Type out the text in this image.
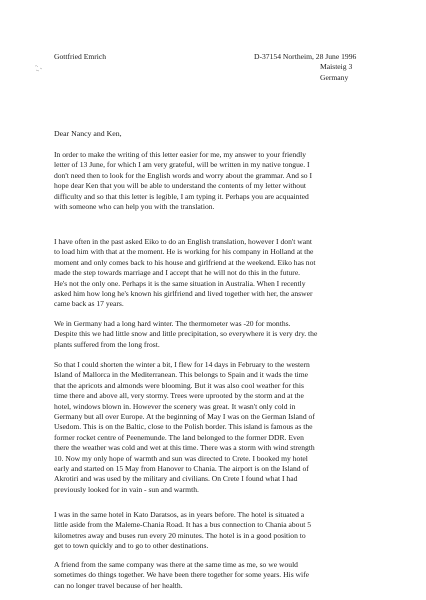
Gottfried Emrich	D-37154 Northeim, 28 June 1996
Maisteig 3
Germany
Dear Nancy and Ken,
In order to make the writing of this letter easier for me, my answer to your friendly
letter of 13 June, for which I am very grateful, will be written in my native tongue. I
don't need then to look for the English words and worry about the grammar. And so I
hope dear Ken that you will be able to understand the contents of my letter without
difficulty and so that this letter is legible, I am typing it. Perhaps you are acquainted
with someone who can help you with the translation.
I have often in the past asked Eiko to do an English translation, however I don't want
to load him with that at the moment. He is working for his company in Holland at the
moment and only comes back to his house and girlfriend at the weekend. Eiko has not
made the step towards marriage and I accept that he will not do this in the future.
He's not the only one. Perhaps it is the same situation in Australia. When I recently
asked him how long he's known his girlfriend and lived together with her, the answer
came back as 17 years.
We in Germany had a long hard winter. The thermometer was -20 for months.
Despite this we had little snow and little precipitation, so everywhere it is very dry. the
plants suffered from the long frost.
So that I could shorten the winter a bit, I flew for 14 days in February to the western
Island of Mallorca in the Mediterranean. This belongs to Spain and it wads the time
that the apricots and almonds were blooming. But it was also cool weather for this
time there and above all, very stormy. Trees were uprooted by the storm and at the
hotel, windows blown in. However the scenery was great. It wasn't only cold in
Germany but all over Europe. At the beginning of May I was on the German Island of
Usedom. This is on the Baltic, close to the Polish border. This island is famous as the
former rocket centre of Peenemunde. The land belonged to the former DDR. Even
there the weather was cold and wet at this time. There was a storm with wind strength
10. Now my only hope of warmth and sun was directed to Crete. I booked my hotel
early and started on 15 May from Hanover to Chania. The airport is on the Island of
Akrotiri and was used by the military and civilians. On Crete I found what I had
previously looked for in vain - sun and warmth.
I was in the same hotel in Kato Daratsos, as in years before. The hotel is situated a
little aside from the Maleme-Chania Road. It has a bus connection to Chania about 5
kilometres away and buses run every 20 minutes. The hotel is in a good position to
get to town quickly and to go to other destinations.
A friend from the same company was there at the same time as me, so we would
sometimes do things together. We have been there together for some years. His wife
can no longer travel because of her health.
